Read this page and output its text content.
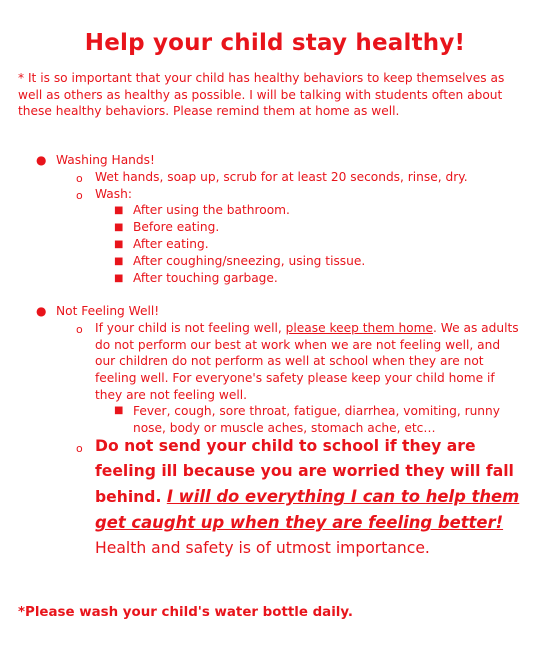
Help your child stay healthy!
* It is so important that your child has healthy behaviors to keep themselves as well as others as healthy as possible. I will be talking with students often about these healthy behaviors. Please remind them at home as well.
● Washing Hands!
o Wet hands, soap up, scrub for at least 20 seconds, rinse, dry.
o Wash:
■ After using the bathroom.
■ Before eating.
■ After eating.
■ After coughing/sneezing, using tissue.
■ After touching garbage.
● Not Feeling Well!
o If your child is not feeling well, please keep them home. We as adults do not perform our best at work when we are not feeling well, and our children do not perform as well at school when they are not feeling well. For everyone's safety please keep your child home if they are not feeling well.
■ Fever, cough, sore throat, fatigue, diarrhea, vomiting, runny nose, body or muscle aches, stomach ache, etc…
o Do not send your child to school if they are feeling ill because you are worried they will fall behind. I will do everything I can to help them get caught up when they are feeling better! Health and safety is of utmost importance.
*Please wash your child's water bottle daily.
